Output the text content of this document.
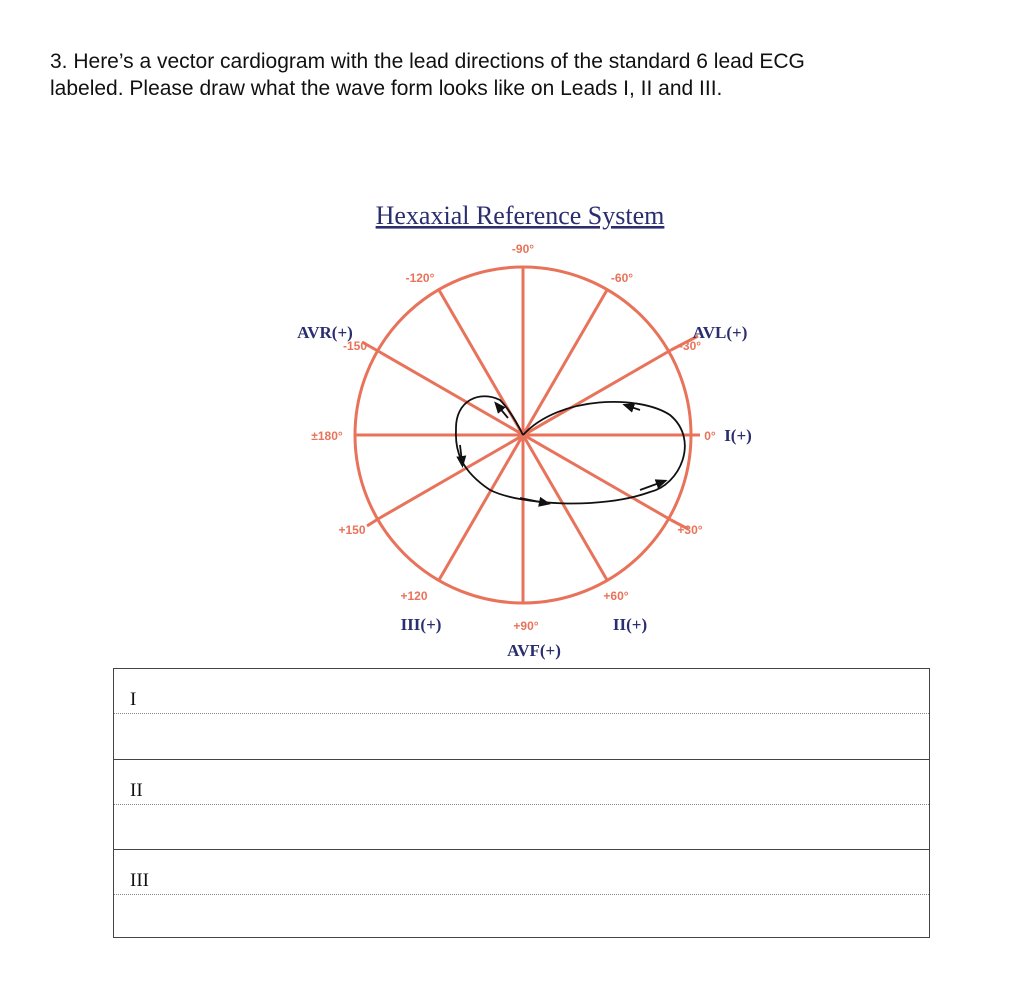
3. Here’s a vector cardiogram with the lead directions of the standard 6 lead ECG
labeled. Please draw what the wave form looks like on Leads I, II and III.
Hexaxial Reference System
-90°
-120°	-60°
-150	-30°
±180°	0°
+150	+30°
+120	+60°
+90°
AVR(+)	AVL(+)
I(+)
III(+)	II(+)
AVF(+)
I
II
III
